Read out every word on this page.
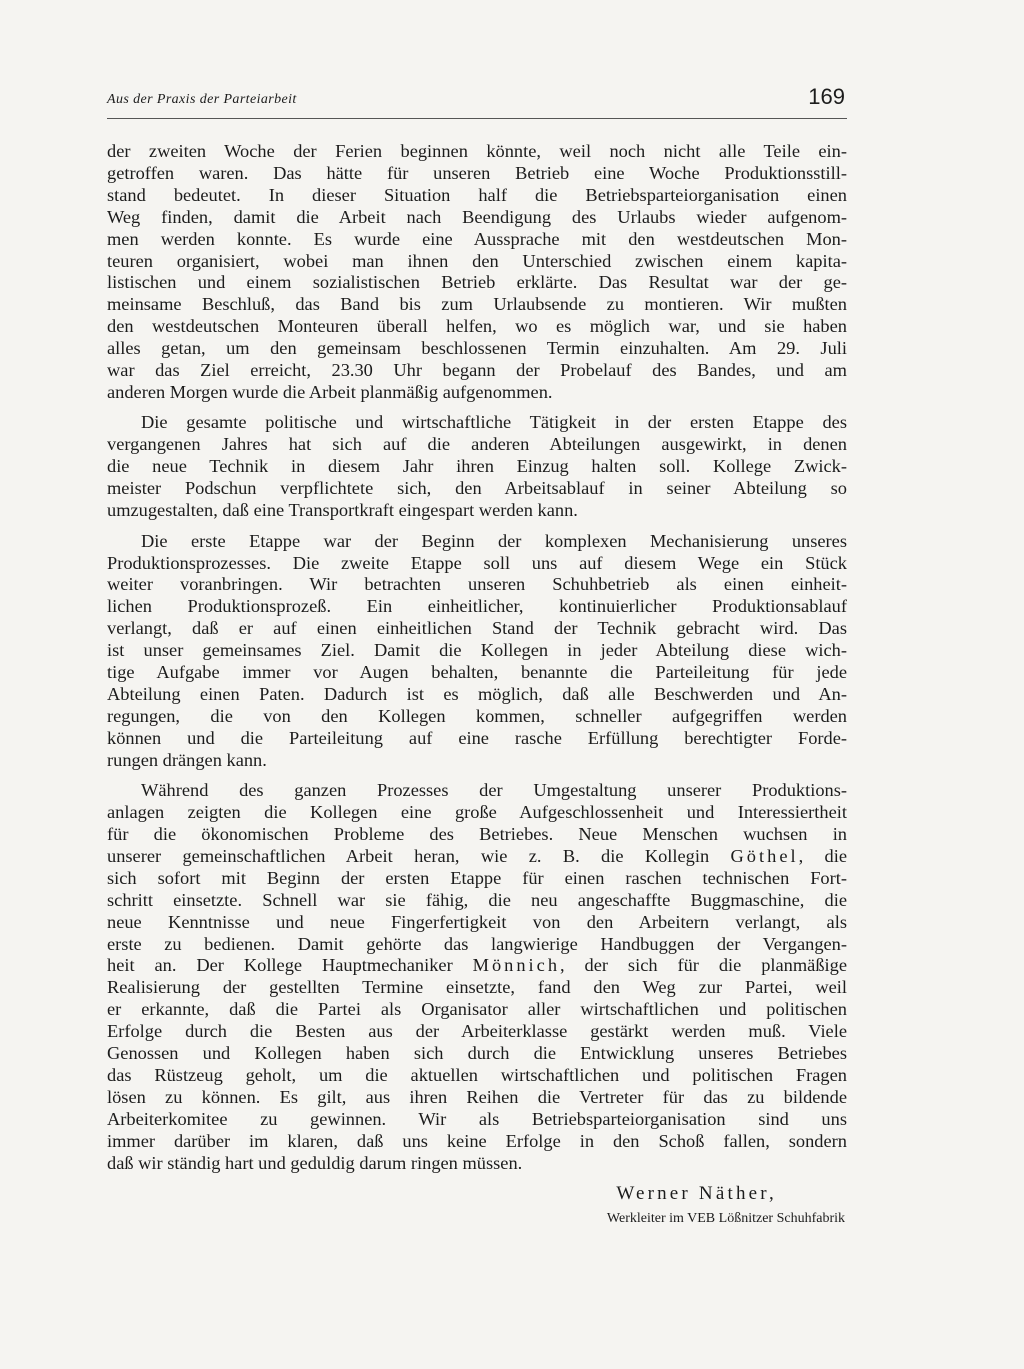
Aus der Praxis der Parteiarbeit	169
der zweiten Woche der Ferien beginnen könnte, weil noch nicht alle Teile ein-
getroffen waren. Das hätte für unseren Betrieb eine Woche Produktionsstill-
stand bedeutet. In dieser Situation half die Betriebsparteiorganisation einen
Weg finden, damit die Arbeit nach Beendigung des Urlaubs wieder aufgenom-
men werden konnte. Es wurde eine Aussprache mit den westdeutschen Mon-
teuren organisiert, wobei man ihnen den Unterschied zwischen einem kapita-
listischen und einem sozialistischen Betrieb erklärte. Das Resultat war der ge-
meinsame Beschluß, das Band bis zum Urlaubsende zu montieren. Wir mußten
den westdeutschen Monteuren überall helfen, wo es möglich war, und sie haben
alles getan, um den gemeinsam beschlossenen Termin einzuhalten. Am 29. Juli
war das Ziel erreicht, 23.30 Uhr begann der Probelauf des Bandes, und am
anderen Morgen wurde die Arbeit planmäßig aufgenommen.
Die gesamte politische und wirtschaftliche Tätigkeit in der ersten Etappe des
vergangenen Jahres hat sich auf die anderen Abteilungen ausgewirkt, in denen
die neue Technik in diesem Jahr ihren Einzug halten soll. Kollege Zwick-
meister Podschun verpflichtete sich, den Arbeitsablauf in seiner Abteilung so
umzugestalten, daß eine Transportkraft eingespart werden kann.
Die erste Etappe war der Beginn der komplexen Mechanisierung unseres
Produktionsprozesses. Die zweite Etappe soll uns auf diesem Wege ein Stück
weiter voranbringen. Wir betrachten unseren Schuhbetrieb als einen einheit-
lichen Produktionsprozeß. Ein einheitlicher, kontinuierlicher Produktionsablauf
verlangt, daß er auf einen einheitlichen Stand der Technik gebracht wird. Das
ist unser gemeinsames Ziel. Damit die Kollegen in jeder Abteilung diese wich-
tige Aufgabe immer vor Augen behalten, benannte die Parteileitung für jede
Abteilung einen Paten. Dadurch ist es möglich, daß alle Beschwerden und An-
regungen, die von den Kollegen kommen, schneller aufgegriffen werden
können und die Parteileitung auf eine rasche Erfüllung berechtigter Forde-
rungen drängen kann.
Während des ganzen Prozesses der Umgestaltung unserer Produktions-
anlagen zeigten die Kollegen eine große Aufgeschlossenheit und Interessiertheit
für die ökonomischen Probleme des Betriebes. Neue Menschen wuchsen in
unserer gemeinschaftlichen Arbeit heran, wie z. B. die Kollegin Göthel, die
sich sofort mit Beginn der ersten Etappe für einen raschen technischen Fort-
schritt einsetzte. Schnell war sie fähig, die neu angeschaffte Buggmaschine, die
neue Kenntnisse und neue Fingerfertigkeit von den Arbeitern verlangt, als
erste zu bedienen. Damit gehörte das langwierige Handbuggen der Vergangen-
heit an. Der Kollege Hauptmechaniker Mönnich, der sich für die planmäßige
Realisierung der gestellten Termine einsetzte, fand den Weg zur Partei, weil
er erkannte, daß die Partei als Organisator aller wirtschaftlichen und politischen
Erfolge durch die Besten aus der Arbeiterklasse gestärkt werden muß. Viele
Genossen und Kollegen haben sich durch die Entwicklung unseres Betriebes
das Rüstzeug geholt, um die aktuellen wirtschaftlichen und politischen Fragen
lösen zu können. Es gilt, aus ihren Reihen die Vertreter für das zu bildende
Arbeiterkomitee zu gewinnen. Wir als Betriebsparteiorganisation sind uns
immer darüber im klaren, daß uns keine Erfolge in den Schoß fallen, sondern
daß wir ständig hart und geduldig darum ringen müssen.
Werner Näther,
Werkleiter im VEB Lößnitzer Schuhfabrik
